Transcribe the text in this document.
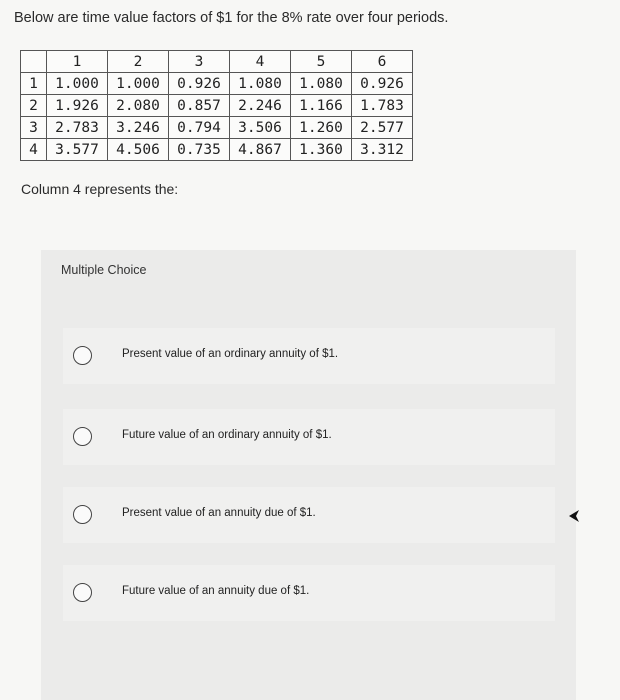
Below are time value factors of $1 for the 8% rate over four periods.
	1	2	3	4	5	6
1	1.000	1.000	0.926	1.080	1.080	0.926
2	1.926	2.080	0.857	2.246	1.166	1.783
3	2.783	3.246	0.794	3.506	1.260	2.577
4	3.577	4.506	0.735	4.867	1.360	3.312
Column 4 represents the:
Multiple Choice
Present value of an ordinary annuity of $1.
Future value of an ordinary annuity of $1.
Present value of an annuity due of $1.
Future value of an annuity due of $1.
